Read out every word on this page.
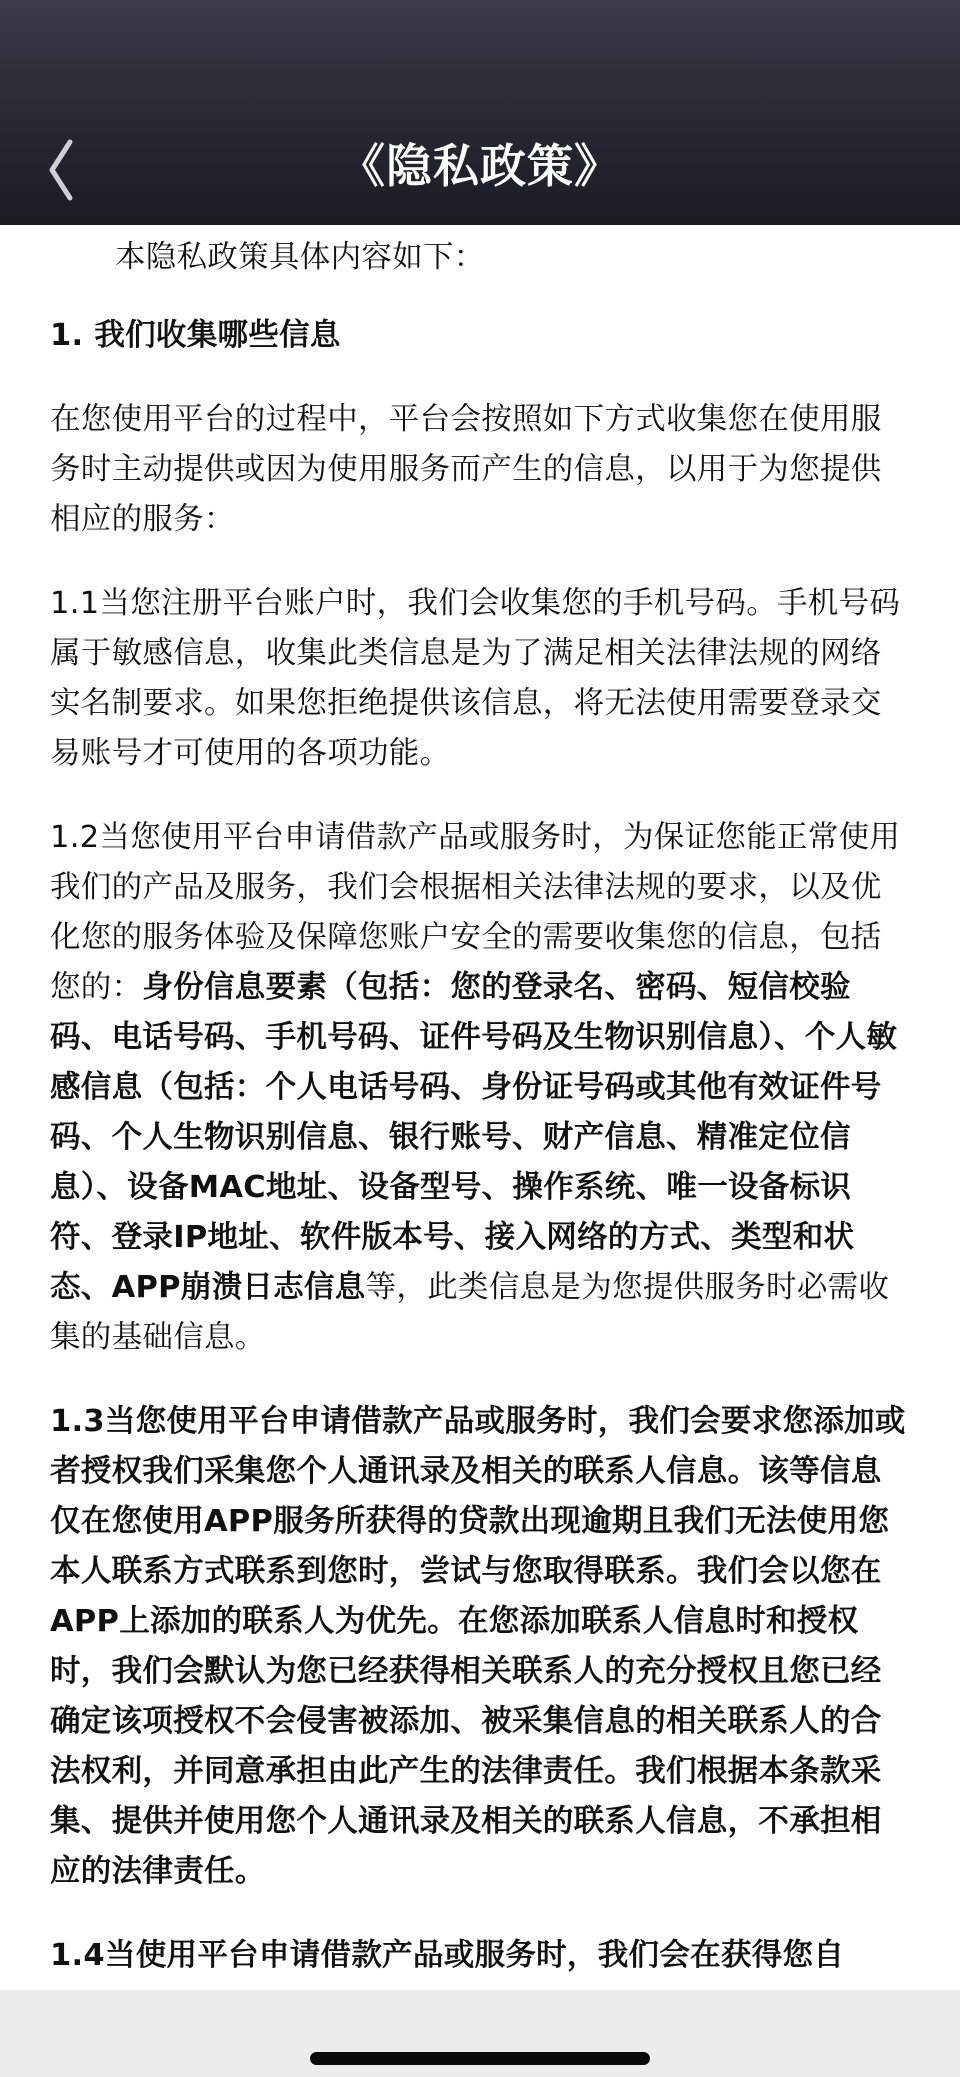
《隐私政策》

本隐私政策具体内容如下：

1. 我们收集哪些信息

在您使用平台的过程中，平台会按照如下方式收集您在使用服务时主动提供或因为使用服务而产生的信息，以用于为您提供相应的服务：

1.1当您注册平台账户时，我们会收集您的手机号码。手机号码属于敏感信息，收集此类信息是为了满足相关法律法规的网络实名制要求。如果您拒绝提供该信息，将无法使用需要登录交易账号才可使用的各项功能。

1.2当您使用平台申请借款产品或服务时，为保证您能正常使用我们的产品及服务，我们会根据相关法律法规的要求，以及优化您的服务体验及保障您账户安全的需要收集您的信息，包括您的：身份信息要素（包括：您的登录名、密码、短信校验码、电话号码、手机号码、证件号码及生物识别信息）、个人敏感信息（包括：个人电话号码、身份证号码或其他有效证件号码、个人生物识别信息、银行账号、财产信息、精准定位信息）、设备MAC地址、设备型号、操作系统、唯一设备标识符、登录IP地址、软件版本号、接入网络的方式、类型和状态、APP崩溃日志信息等，此类信息是为您提供服务时必需收集的基础信息。

1.3当您使用平台申请借款产品或服务时，我们会要求您添加或者授权我们采集您个人通讯录及相关的联系人信息。该等信息仅在您使用APP服务所获得的贷款出现逾期且我们无法使用您本人联系方式联系到您时，尝试与您取得联系。我们会以您在APP上添加的联系人为优先。在您添加联系人信息时和授权时，我们会默认为您已经获得相关联系人的充分授权且您已经确定该项授权不会侵害被添加、被采集信息的相关联系人的合法权利，并同意承担由此产生的法律责任。我们根据本条款采集、提供并使用您个人通讯录及相关的联系人信息，不承担相应的法律责任。

1.4当使用平台申请借款产品或服务时，我们会在获得您自
